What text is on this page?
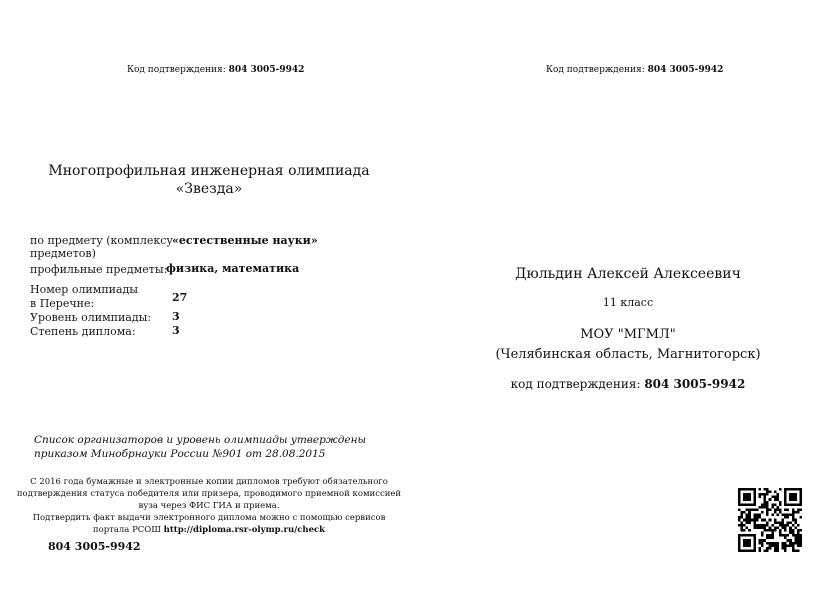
Код подтверждения: 804 3005-9942
Многопрофильная инженерная олимпиада
«Звезда»
по предмету (комплексу
предметов)
«естественные науки»
профильные предметы:
физика, математика
Номер олимпиады
в Перечне:	27
Уровень олимпиады: 3
Степень диплома:	3
Список организаторов и уровень олимпиады утверждены
приказом Минобрнауки России №901 от 28.08.2015
С 2016 года бумажные и электронные копии дипломов требуют обязательного
подтверждения статуса победителя или призера, проводимого приемной комиссией
вуза через ФИС ГИА и приема.
Подтвердить факт выдачи электронного диплома можно с помощью сервисов
портала РСОШ http://diploma.rsr-olymp.ru/check
804 3005-9942
Код подтверждения: 804 3005-9942
Дюльдин Алексей Алексеевич
11 класс
МОУ "МГМЛ"
(Челябинская область, Магнитогорск)
код подтверждения: 804 3005-9942
